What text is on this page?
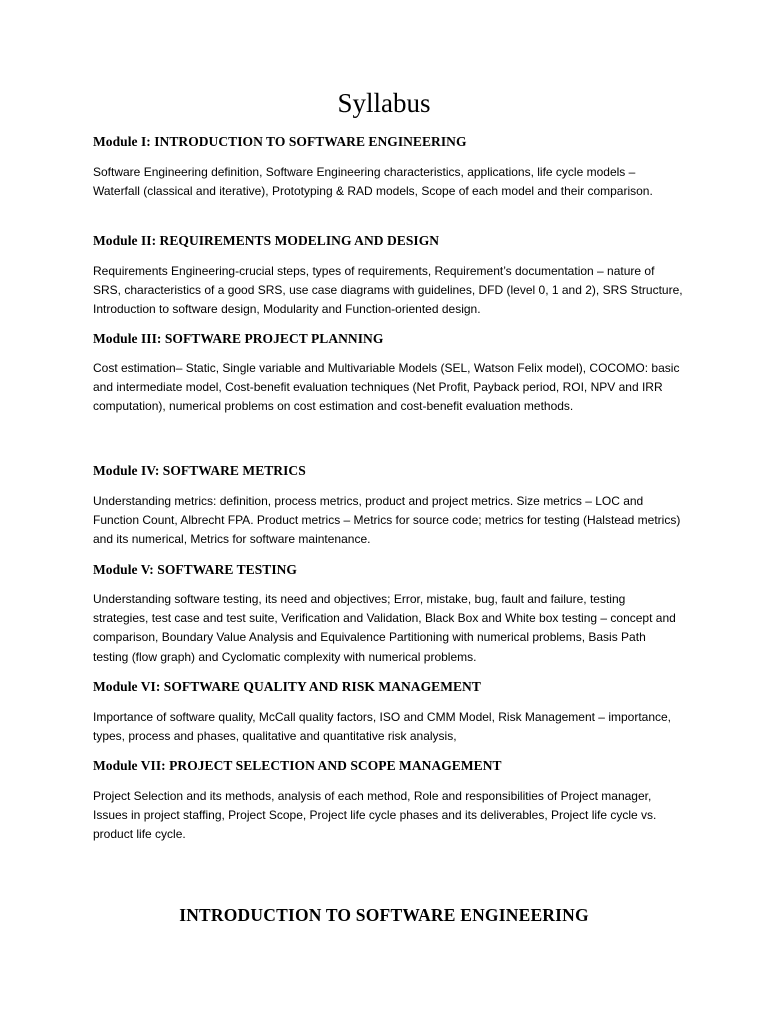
Syllabus
Module I: INTRODUCTION TO SOFTWARE ENGINEERING

Software Engineering definition, Software Engineering characteristics, applications, life cycle models – Waterfall (classical and iterative), Prototyping & RAD models, Scope of each model and their comparison.

Module II: REQUIREMENTS MODELING AND DESIGN

Requirements Engineering-crucial steps, types of requirements, Requirement’s documentation – nature of SRS, characteristics of a good SRS, use case diagrams with guidelines, DFD (level 0, 1 and 2), SRS Structure, Introduction to software design, Modularity and Function-oriented design.

Module III: SOFTWARE PROJECT PLANNING

Cost estimation– Static, Single variable and Multivariable Models (SEL, Watson Felix model), COCOMO: basic and intermediate model, Cost-benefit evaluation techniques (Net Profit, Payback period, ROI, NPV and IRR computation), numerical problems on cost estimation and cost-benefit evaluation methods.

Module IV: SOFTWARE METRICS

Understanding metrics: definition, process metrics, product and project metrics. Size metrics – LOC and Function Count, Albrecht FPA. Product metrics – Metrics for source code; metrics for testing (Halstead metrics) and its numerical, Metrics for software maintenance.

Module V: SOFTWARE TESTING

Understanding software testing, its need and objectives; Error, mistake, bug, fault and failure, testing strategies, test case and test suite, Verification and Validation, Black Box and White box testing – concept and comparison, Boundary Value Analysis and Equivalence Partitioning with numerical problems, Basis Path testing (flow graph) and Cyclomatic complexity with numerical problems.

Module VI: SOFTWARE QUALITY AND RISK MANAGEMENT

Importance of software quality, McCall quality factors, ISO and CMM Model, Risk Management – importance, types, process and phases, qualitative and quantitative risk analysis,

Module VII: PROJECT SELECTION AND SCOPE MANAGEMENT

Project Selection and its methods, analysis of each method, Role and responsibilities of Project manager, Issues in project staffing, Project Scope, Project life cycle phases and its deliverables, Project life cycle vs. product life cycle.

INTRODUCTION TO SOFTWARE ENGINEERING
